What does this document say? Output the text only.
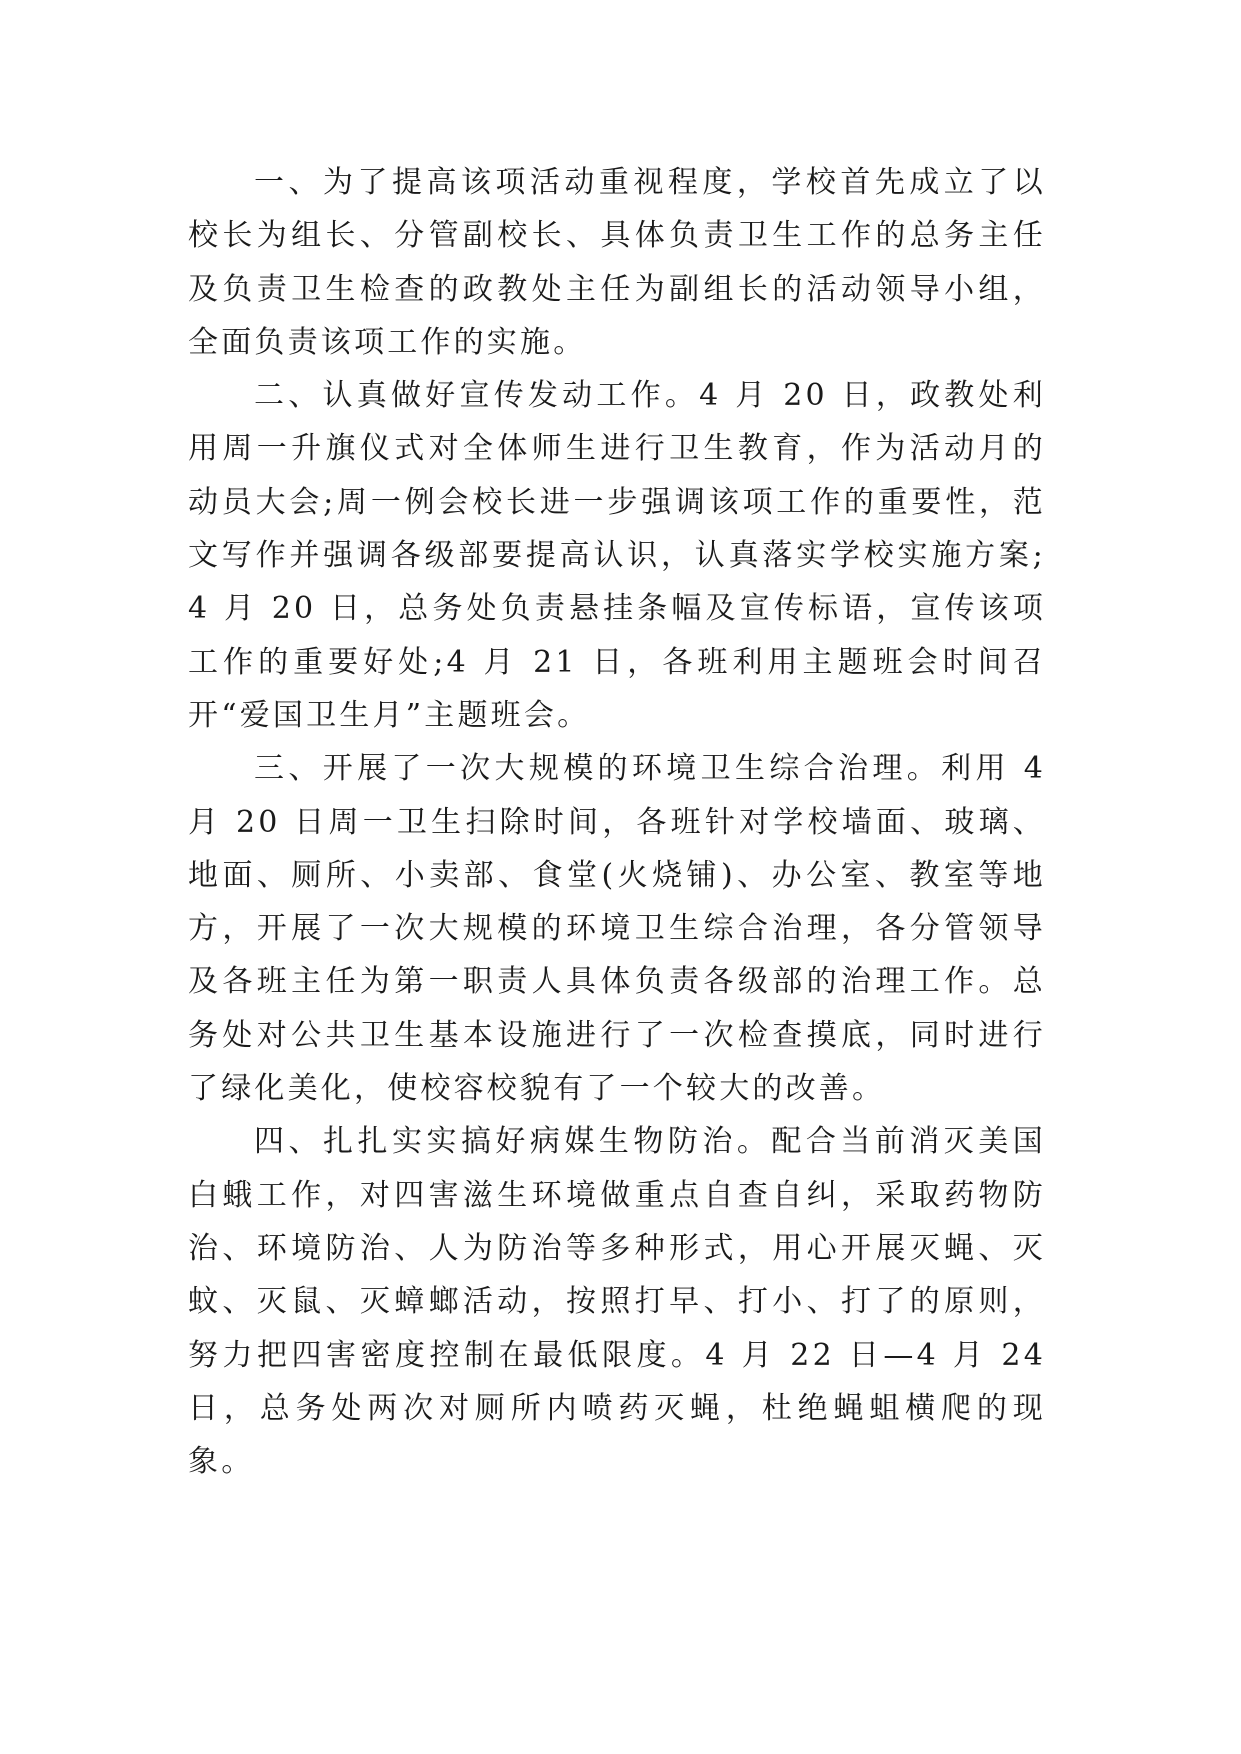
一、为了提高该项活动重视程度，学校首先成立了以校长为组长、分管副校长、具体负责卫生工作的总务主任及负责卫生检查的政教处主任为副组长的活动领导小组，全面负责该项工作的实施。

二、认真做好宣传发动工作。4 月 20 日，政教处利用周一升旗仪式对全体师生进行卫生教育，作为活动月的动员大会;周一例会校长进一步强调该项工作的重要性，范文写作并强调各级部要提高认识，认真落实学校实施方案;4 月 20 日，总务处负责悬挂条幅及宣传标语，宣传该项工作的重要好处;4 月 21 日，各班利用主题班会时间召开“爱国卫生月”主题班会。

三、开展了一次大规模的环境卫生综合治理。利用 4 月 20 日周一卫生扫除时间，各班针对学校墙面、玻璃、地面、厕所、小卖部、食堂(火烧铺)、办公室、教室等地方，开展了一次大规模的环境卫生综合治理，各分管领导及各班主任为第一职责人具体负责各级部的治理工作。总务处对公共卫生基本设施进行了一次检查摸底，同时进行了绿化美化，使校容校貌有了一个较大的改善。

四、扎扎实实搞好病媒生物防治。配合当前消灭美国白蛾工作，对四害滋生环境做重点自查自纠，采取药物防治、环境防治、人为防治等多种形式，用心开展灭蝇、灭蚊、灭鼠、灭蟑螂活动，按照打早、打小、打了的原则，努力把四害密度控制在最低限度。4 月 22 日—4 月 24 日，总务处两次对厕所内喷药灭蝇，杜绝蝇蛆横爬的现象。
